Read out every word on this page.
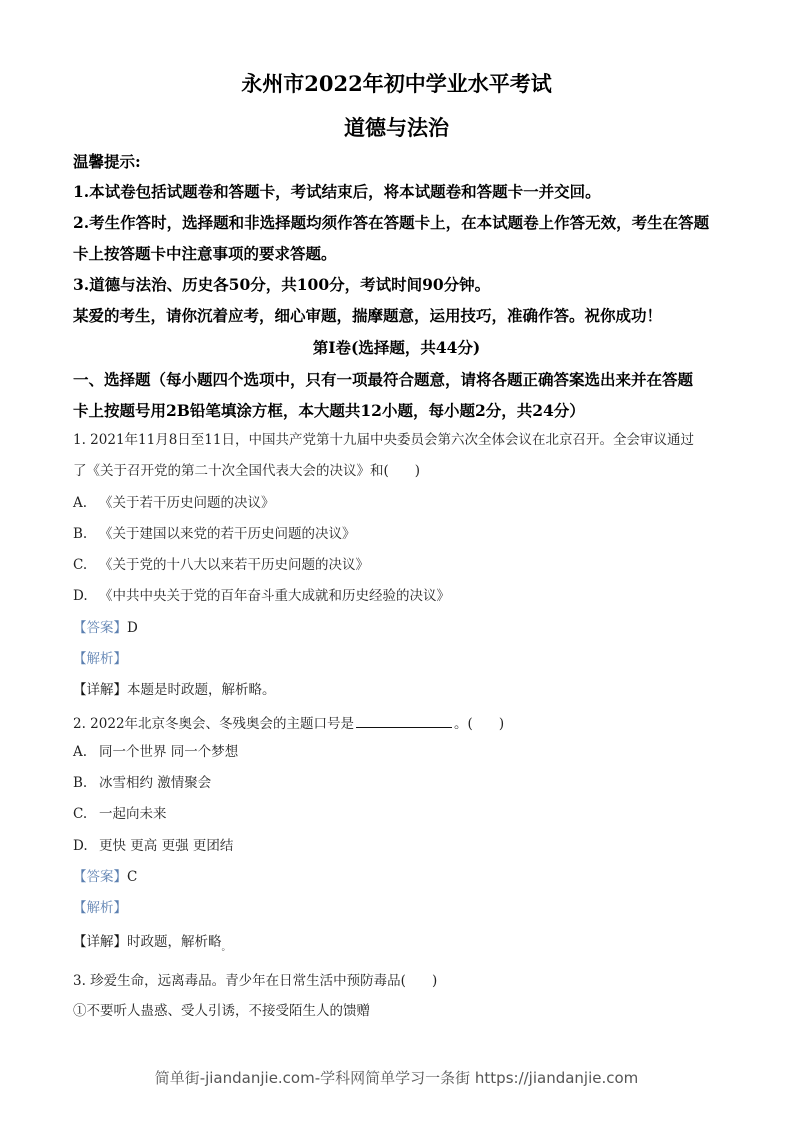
永州市2022年初中学业水平考试
道德与法治
温馨提示:
1.本试卷包括试题卷和答题卡，考试结束后，将本试题卷和答题卡一并交回。
2.考生作答时，选择题和非选择题均须作答在答题卡上，在本试题卷上作答无效，考生在答题
卡上按答题卡中注意事项的要求答题。
3.道德与法治、历史各50分，共100分，考试时间90分钟。
某爱的考生，请你沉着应考，细心审题，揣摩题意，运用技巧，准确作答。祝你成功！
第Ⅰ卷(选择题，共44分)
一、选择题（每小题四个选项中，只有一项最符合题意，请将各题正确答案选出来并在答题
卡上按题号用2B铅笔填涂方框，本大题共12小题，每小题2分，共24分）
1. 2021年11月8日至11日，中国共产党第十九届中央委员会第六次全体会议在北京召开。全会审议通过
了《关于召开党的第二十次全国代表大会的决议》和( )
A. 《关于若干历史问题的决议》
B. 《关于建国以来党的若干历史问题的决议》
C. 《关于党的十八大以来若干历史问题的决议》
D. 《中共中央关于党的百年奋斗重大成就和历史经验的决议》
【答案】D
【解析】
【详解】本题是时政题，解析略。
2. 2022年北京冬奥会、冬残奥会的主题口号是	。( )
A. 同一个世界 同一个梦想
B. 冰雪相约 激情聚会
C. 一起向未来
D. 更快 更高 更强 更团结
【答案】C
【解析】
【详解】时政题，解析略$_。$
3. 珍爱生命，远离毒品。青少年在日常生活中预防毒品( )
①不要听人蛊惑、受人引诱，不接受陌生人的馈赠
简单街-jiandanjie.com-学科网简单学习一条街 https://jiandanjie.com
